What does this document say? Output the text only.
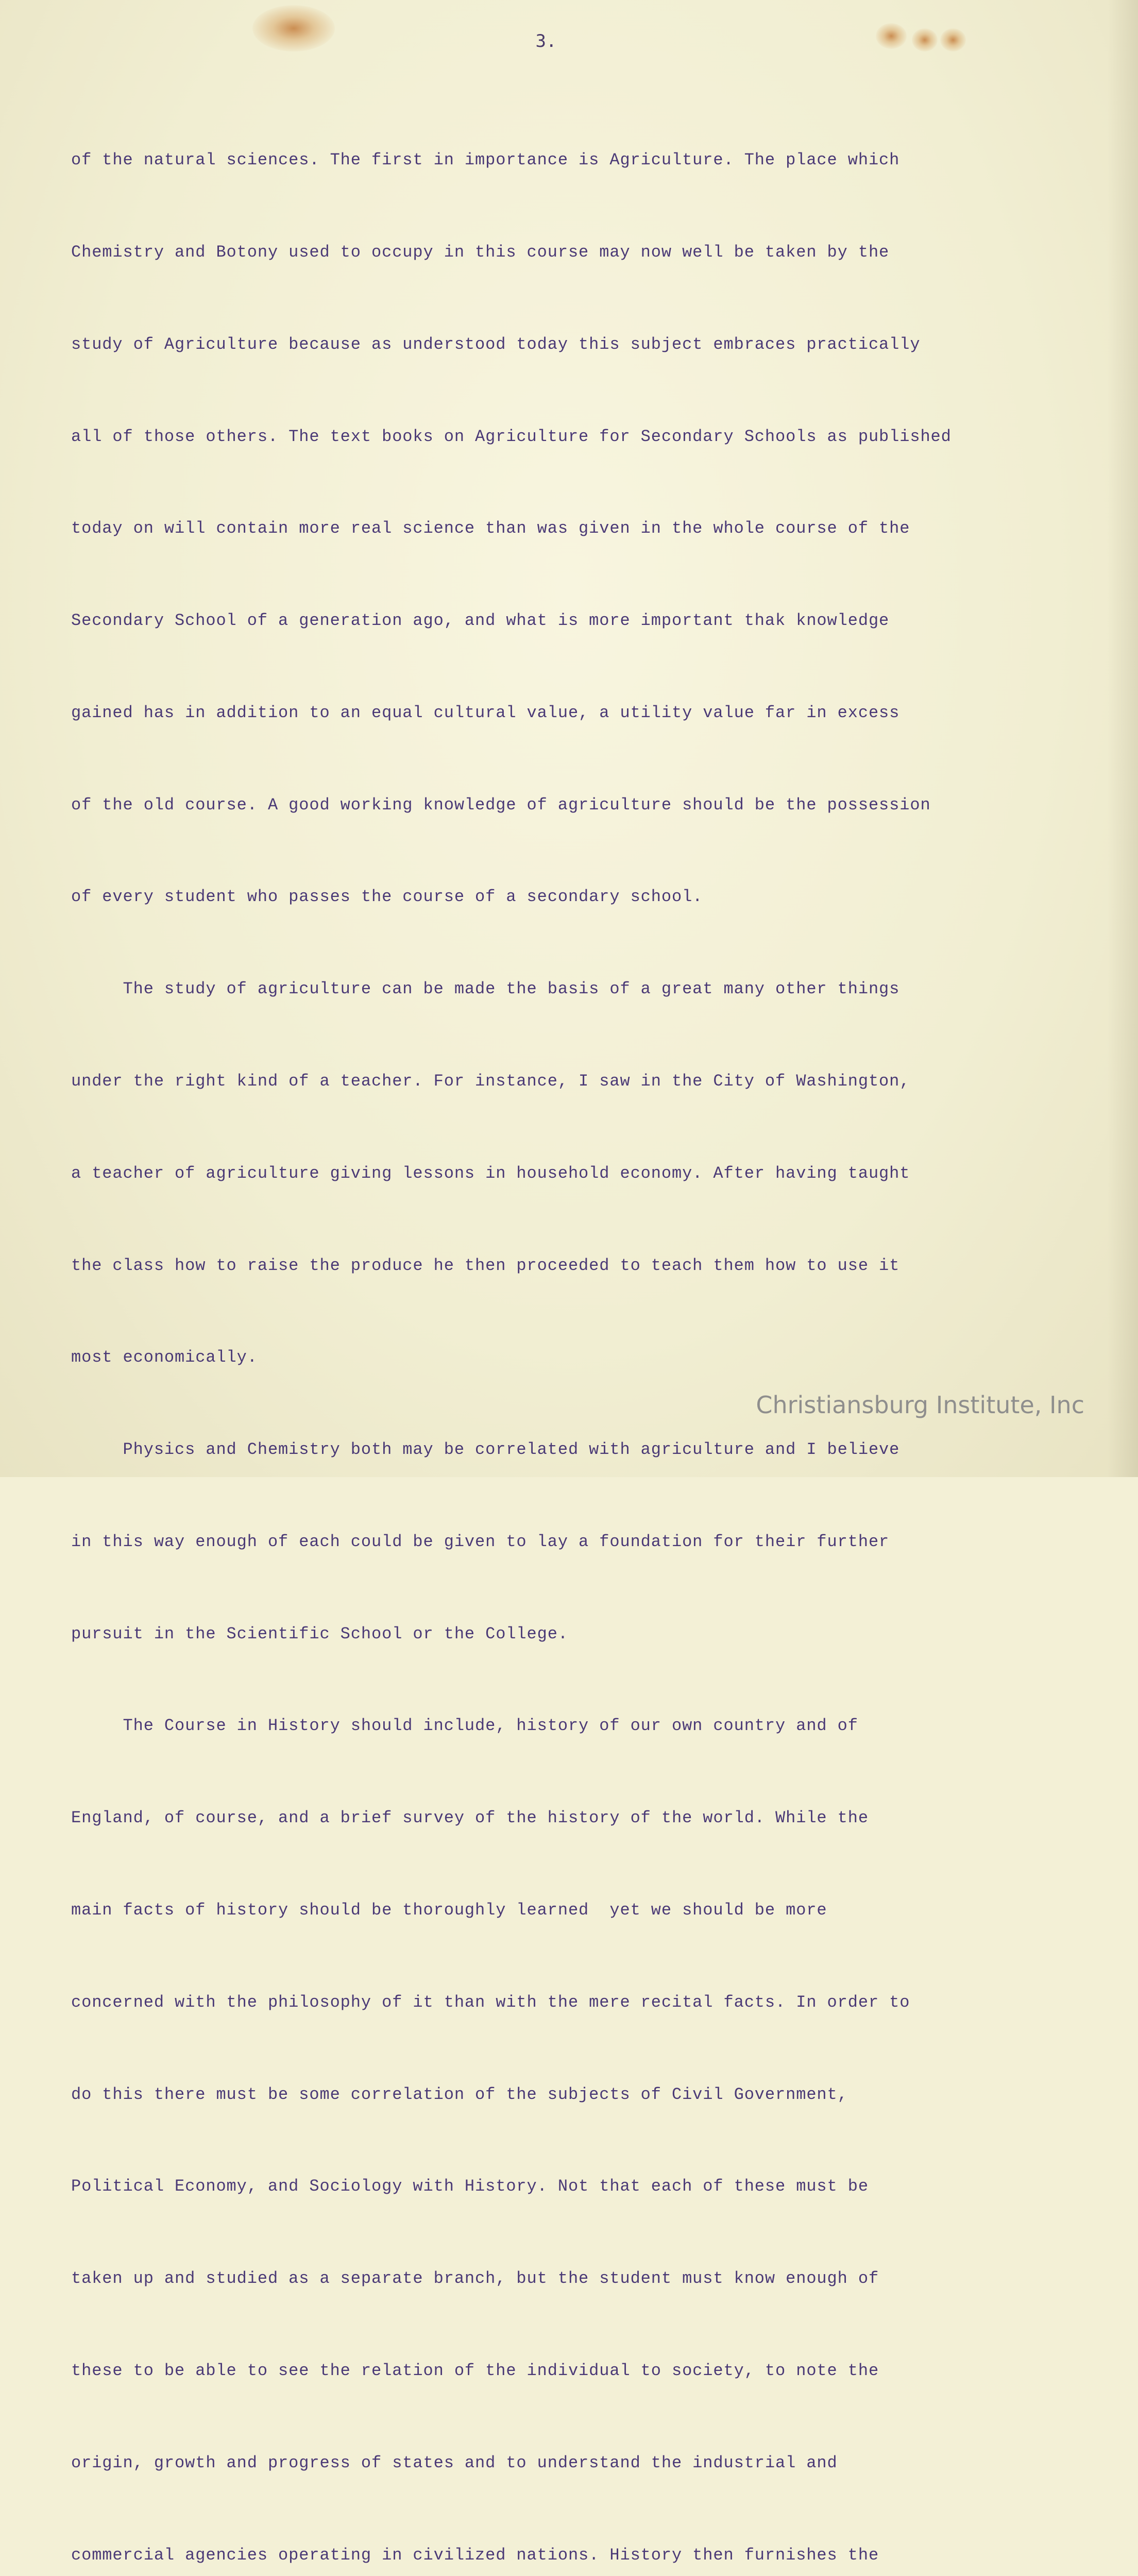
3.

of the natural sciences. The first in importance is Agriculture. The place which

Chemistry and Botony used to occupy in this course may now well be taken by the

study of Agriculture because as understood today this subject embraces practically

all of those others. The text books on Agriculture for Secondary Schools as published

today on will contain more real science than was given in the whole course of the

Secondary School of a generation ago, and what is more important thak knowledge

gained has in addition to an equal cultural value, a utility value far in excess

of the old course. A good working knowledge of agriculture should be the possession

of every student who passes the course of a secondary school.

The study of agriculture can be made the basis of a great many other things

under the right kind of a teacher. For instance, I saw in the City of Washington,

a teacher of agriculture giving lessons in household economy. After having taught

the class how to raise the produce he then proceeded to teach them how to use it

most economically.

Physics and Chemistry both may be correlated with agriculture and I believe

in this way enough of each could be given to lay a foundation for their further

pursuit in the Scientific School or the College.

The Course in History should include, history of our own country and of

England, of course, and a brief survey of the history of the world. While the

main facts of history should be thoroughly learned  yet we should be more

concerned with the philosophy of it than with the mere recital facts. In order to

do this there must be some correlation of the subjects of Civil Government,

Political Economy, and Sociology with History. Not that each of these must be

taken up and studied as a separate branch, but the student must know enough of

these to be able to see the relation of the individual to society, to note the

origin, growth and progress of states and to understand the industrial and

commercial agencies operating in civilized nations. History then furnishes the

Christiansburg Institute, Inc
